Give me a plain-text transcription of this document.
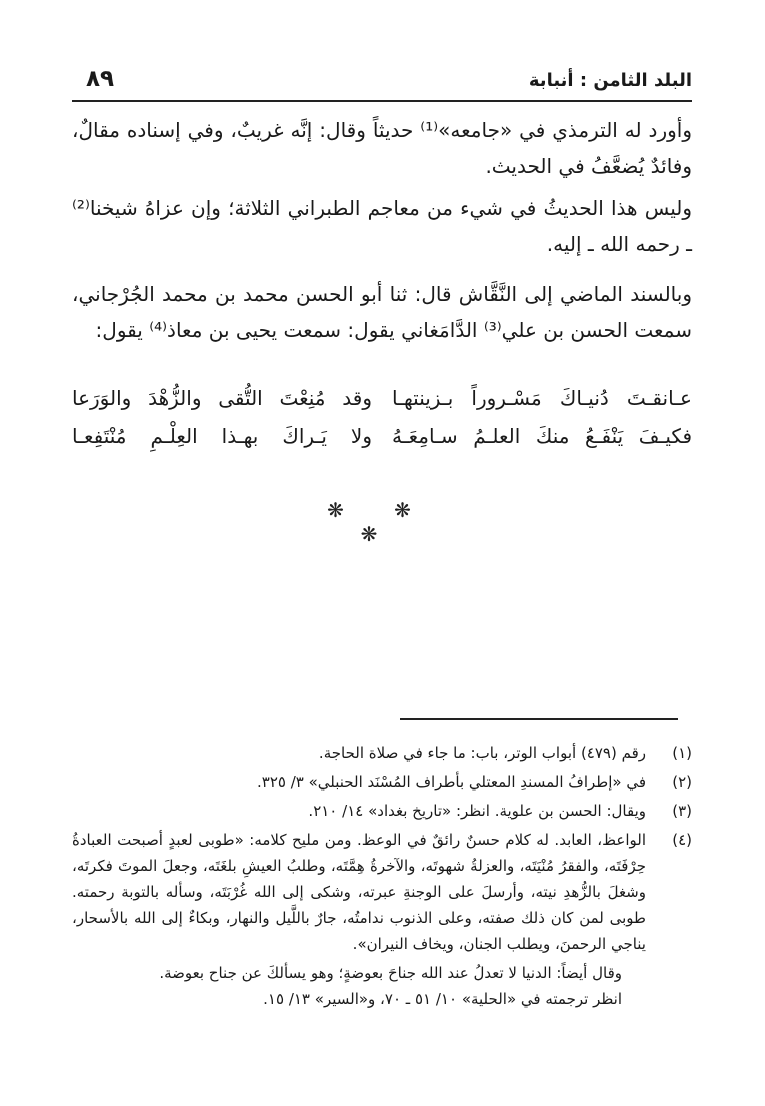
البلد الثامن : أنبابة
٨٩

وأورد له الترمذي في «جامعه»⁽¹⁾ حديثاً وقال: إنَّه غريبٌ، وفي إسناده مقالٌ، وفائدٌ يُضعَّفُ في الحديث.

وليس هذا الحديثُ في شيء من معاجم الطبراني الثلاثة؛ وإن عزاهُ شيخنا⁽²⁾ ـ رحمه الله ـ إليه.

وبالسند الماضي إلى النَّقَّاش قال: ثنا أبو الحسن محمد بن محمد الجُرْجاني، سمعت الحسن بن علي⁽³⁾ الدَّامَغاني يقول: سمعت يحيى بن معاذ⁽⁴⁾ يقول:

عـانقـتَ دُنيـاكَ مَسْـروراً بـزينتهـا
وقد مُنِعْتَ التُّقى والزُّهْدَ والوَرَعا
فكيـفَ يَنْفَـعُ منكَ العلـمُ سـامِعَـهُ
ولا يَـراكَ بهـذا العِلْـمِ مُنْتَفِعـا
❋ ❋ ❋
(١)
رقم (٤٧٩) أبواب الوتر، باب: ما جاء في صلاة الحاجة.
(٢)
في «إطرافُ المسندِ المعتلي بأطراف المُسْنَد الحنبلي» ٣/ ٣٢٥.
(٣)
ويقال: الحسن بن علوية. انظر: «تاريخ بغداد» ١٤/ ٢١٠.
(٤)
الواعظ، العابد. له كلام حسنٌ رائقٌ في الوعظ. ومن مليح كلامه: «طوبى لعبدٍ أصبحت العبادةُ حِرْفَتَه، والفقرُ مُنْيَتَه، والعزلةُ شهوتَه، والآخرةُ هِمَّتَه، وطلبُ العيشِ بلغَتَه، وجعلَ الموتَ فكرتَه، وشغلَ بالزُّهدِ نيته، وأرسلَ على الوجنةِ عبرته، وشكى إلى الله غُرْبَتَه، وسأله بالتوبة رحمته. طوبى لمن كان ذلك صفته، وعلى الذنوب ندامتُه، جارٌ باللَّيل والنهار، وبكاءٌ إلى الله بالأسحار، يناجي الرحمنَ، ويطلب الجنان، ويخاف النيران».

وقال أيضاً: الدنيا لا تعدلُ عند الله جناحَ بعوضةٍ؛ وهو يسألكَ عن جناح بعوضة.

انظر ترجمته في «الحلية» ١٠/ ٥١ ـ ٧٠، و«السير» ١٣/ ١٥.
